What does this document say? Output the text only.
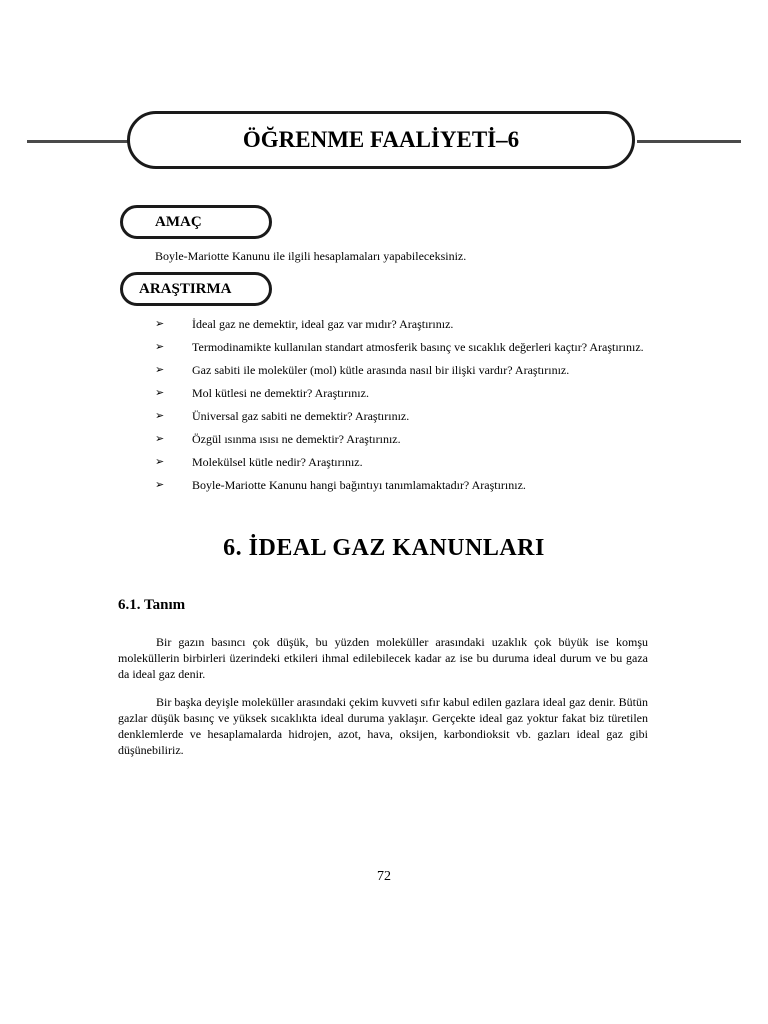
ÖĞRENME FAALİYETİ–6
AMAÇ
Boyle-Mariotte Kanunu ile ilgili hesaplamaları yapabileceksiniz.
ARAŞTIRMA
➢ İdeal gaz ne demektir, ideal gaz var mıdır? Araştırınız.
➢ Termodinamikte kullanılan standart atmosferik basınç ve sıcaklık değerleri kaçtır? Araştırınız.
➢ Gaz sabiti ile moleküler (mol) kütle arasında nasıl bir ilişki vardır? Araştırınız.
➢ Mol kütlesi ne demektir? Araştırınız.
➢ Üniversal gaz sabiti ne demektir? Araştırınız.
➢ Özgül ısınma ısısı ne demektir? Araştırınız.
➢ Molekülsel kütle nedir? Araştırınız.
➢ Boyle-Mariotte Kanunu hangi bağıntıyı tanımlamaktadır? Araştırınız.
6. İDEAL GAZ KANUNLARI
6.1. Tanım

Bir gazın basıncı çok düşük, bu yüzden moleküller arasındaki uzaklık çok büyük ise komşu moleküllerin birbirleri üzerindeki etkileri ihmal edilebilecek kadar az ise bu duruma ideal durum ve bu gaza da ideal gaz denir.

Bir başka deyişle moleküller arasındaki çekim kuvveti sıfır kabul edilen gazlara ideal gaz denir. Bütün gazlar düşük basınç ve yüksek sıcaklıkta ideal duruma yaklaşır. Gerçekte ideal gaz yoktur fakat biz türetilen denklemlerde ve hesaplamalarda hidrojen, azot, hava, oksijen, karbondioksit vb. gazları ideal gaz gibi düşünebiliriz.

72
